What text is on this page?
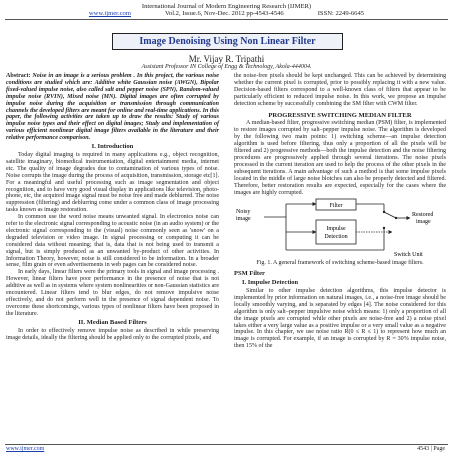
International Journal of Modern Engineering Research (IJMER)
www.ijmer.com	Vol.2, Issue.6, Nov-Dec. 2012 pp-4543-4546	ISSN: 2249-6645
Image Denoising Using Non Linear Filter
Mr. Vijay R. Tripathi
Assistant Professor IN College of Engg & Technology, Akola-444004.

Abstract: Noise in an image is a serious problem . In this project, the various noise conditions are studied which are: Additive white Gaussian noise (AWGN), Bipolar fixed-valued impulse noise, also called salt and pepper noise (SPN), Random-valued impulse noise (RVIN), Mixed noise (MN). Digital images are often corrupted by impulse noise during the acquisition or transmission through communication channels the developed filters are meant for online and real-time applications. In this paper, the following activities are taken up to draw the results: Study of various impulse noise types and their effect on digital images; Study and implementation of various efficient nonlinear digital image filters available in the literature and their relative performance comparison.

I. Introduction

Today digital imaging is required in many applications e.g., object recognition, satellite imaginary, biomedical instrumentation, digital entertainment media, internet etc. The quality of image degrades due to contamination of various types of noise. Noise corrupts the image during the process of acquisition, transmission, storage etc[1]. For a meaningful and useful processing such as image segmentation and object recognition, and to have very good visual display in applications like television, photo-phone, etc, the acquired image signal must be noise free and made deblurred. The noise suppression (filtering) and deblurring come under a common class of image processing tasks known as image restoration.

In common use the word noise means unwanted signal. In electronics noise can refer to the electronic signal corresponding to acoustic noise (in an audio system) or the electronic signal corresponding to the (visual) noise commonly seen as 'snow' on a degraded television or video image. In signal processing or computing it can be considered data without meaning; that is, data that is not being used to transmit a signal, but is simply produced as an unwanted by-product of other activities. In Information Theory, however, noise is still considered to be information. In a broader sense, film grain or even advertisements in web pages can be considered noise.

In early days, linear filters were the primary tools in signal and image processing . However, linear filters have poor performance in the presence of noise that is not additive as well as in systems where system nonlinearities or non-Gaussian statistics are encountered. Linear filters tend to blur edges, do not remove impulsive noise effectively, and do not perform well in the presence of signal dependent noise. To overcome these shortcomings, various types of nonlinear filters have been proposed in the literature.

II. Median Based Filters

In order to effectively remove impulse noise as described in while preserving image details, ideally the filtering should be applied only to the corrupted pixels, and

the noise-free pixels should be kept unchanged. This can be achieved by determining whether the current pixel is corrupted, prior to possibly replacing it with a new value. Decision-based filters correspond to a well-known class of filters that appear to be particularly efficient to reduced impulse noise. In this work, we propose an impulse detection scheme by successfully combining the SM filter with CWM filter.

PROGRESSIVE SWITCHING MEDIAN FILTER

A median-based filter, progressive switching median (PSM) filter, is implemented to restore images corrupted by salt–pepper impulse noise. The algorithm is developed by the following two main points: 1) switching scheme—an impulse detection algorithm is used before filtering, thus only a proportion of all the pixels will be filtered and 2) progressive methods—both the impulse detection and the noise filtering procedures are progressively applied through several iterations. The noise pixels processed in the current iteration are used to help the process of the other pixels in the subsequent iterations. A main advantage of such a method is that some impulse pixels located in the middle of large noise blotches can also be properly detected and filtered. Therefore, better restoration results are expected, especially for the cases where the images are highly corrupted.

Filter
Impulse
Detection
Noisy
image
Restored
image
Switch Unit
Fig. 1. A general framework of switching scheme-based image filters.
PSM Filter
I. Impulse Detection

Similar to other impulse detection algorithms, this impulse detector is implemented by prior information on natural images, i.e., a noise-free image should be locally smoothly varying, and is separated by edges [4]. The noise considered for this algorithm is only salt–pepper impulsive noise which means: 1) only a proportion of all the image pixels are corrupted while other pixels are noise-free and 2) a noise pixel takes either a very large value as a positive impulse or a very small value as a negative impulse. In this chapter, we use noise ratio R(0 ≤ R ≤ 1) to represent how much an image is corrupted. For example, if an image is corrupted by R = 30% impulse noise, then 15% of the

www.ijmer.com	4543 | Page
